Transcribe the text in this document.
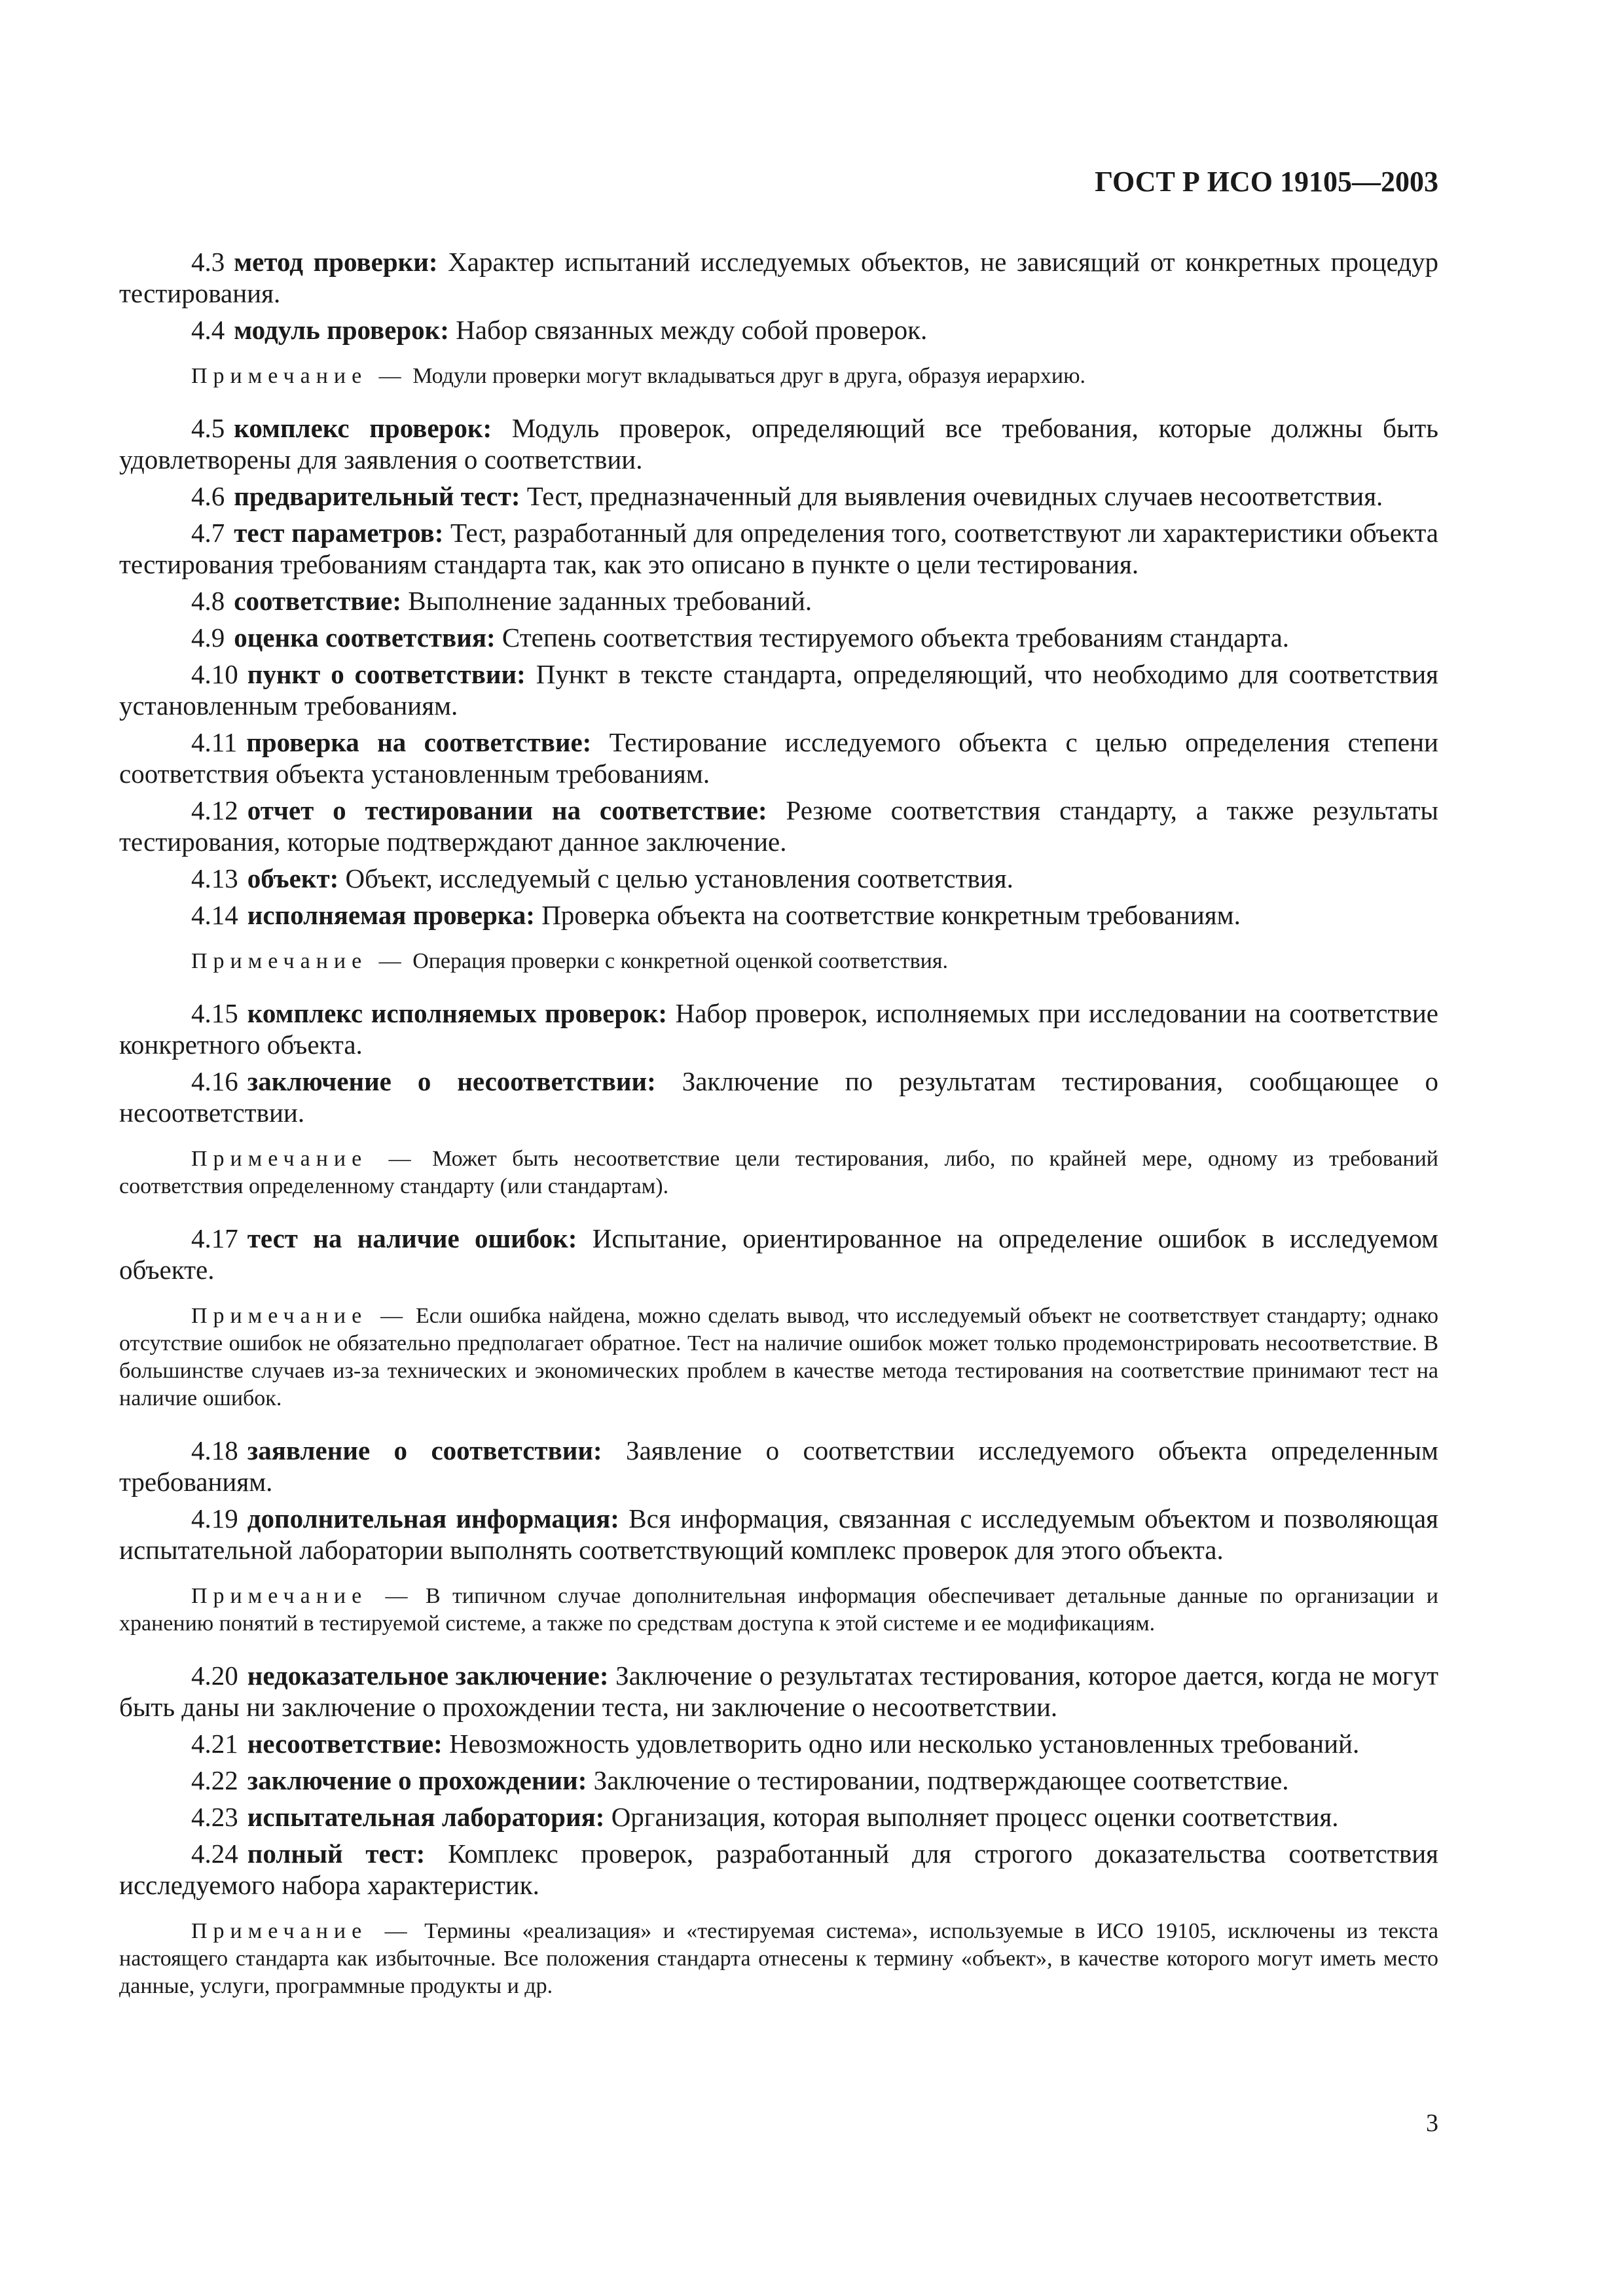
ГОСТ Р ИСО 19105—2003

4.3 метод проверки: Характер испытаний исследуемых объектов, не зависящий от конкретных процедур тестирования.

4.4 модуль проверок: Набор связанных между собой проверок.

Примечание — Модули проверки могут вкладываться друг в друга, образуя иерархию.

4.5 комплекс проверок: Модуль проверок, определяющий все требования, которые должны быть удовлетворены для заявления о соответствии.

4.6 предварительный тест: Тест, предназначенный для выявления очевидных случаев несоответствия.

4.7 тест параметров: Тест, разработанный для определения того, соответствуют ли характеристики объекта тестирования требованиям стандарта так, как это описано в пункте о цели тестирования.

4.8 соответствие: Выполнение заданных требований.

4.9 оценка соответствия: Степень соответствия тестируемого объекта требованиям стандарта.

4.10 пункт о соответствии: Пункт в тексте стандарта, определяющий, что необходимо для соответствия установленным требованиям.

4.11 проверка на соответствие: Тестирование исследуемого объекта с целью определения степени соответствия объекта установленным требованиям.

4.12 отчет о тестировании на соответствие: Резюме соответствия стандарту, а также результаты тестирования, которые подтверждают данное заключение.

4.13 объект: Объект, исследуемый с целью установления соответствия.

4.14 исполняемая проверка: Проверка объекта на соответствие конкретным требованиям.

Примечание — Операция проверки с конкретной оценкой соответствия.

4.15 комплекс исполняемых проверок: Набор проверок, исполняемых при исследовании на соответствие конкретного объекта.

4.16 заключение о несоответствии: Заключение по результатам тестирования, сообщающее о несоответствии.

Примечание — Может быть несоответствие цели тестирования, либо, по крайней мере, одному из требований соответствия определенному стандарту (или стандартам).

4.17 тест на наличие ошибок: Испытание, ориентированное на определение ошибок в исследуемом объекте.

Примечание — Если ошибка найдена, можно сделать вывод, что исследуемый объект не соответствует стандарту; однако отсутствие ошибок не обязательно предполагает обратное. Тест на наличие ошибок может только продемонстрировать несоответствие. В большинстве случаев из-за технических и экономических проблем в качестве метода тестирования на соответствие принимают тест на наличие ошибок.

4.18 заявление о соответствии: Заявление о соответствии исследуемого объекта определенным требованиям.

4.19 дополнительная информация: Вся информация, связанная с исследуемым объектом и позволяющая испытательной лаборатории выполнять соответствующий комплекс проверок для этого объекта.

Примечание — В типичном случае дополнительная информация обеспечивает детальные данные по организации и хранению понятий в тестируемой системе, а также по средствам доступа к этой системе и ее модификациям.

4.20 недоказательное заключение: Заключение о результатах тестирования, которое дается, когда не могут быть даны ни заключение о прохождении теста, ни заключение о несоответствии.

4.21 несоответствие: Невозможность удовлетворить одно или несколько установленных требований.

4.22 заключение о прохождении: Заключение о тестировании, подтверждающее соответствие.

4.23 испытательная лаборатория: Организация, которая выполняет процесс оценки соответствия.

4.24 полный тест: Комплекс проверок, разработанный для строгого доказательства соответствия исследуемого набора характеристик.

Примечание — Термины «реализация» и «тестируемая система», используемые в ИСО 19105, исключены из текста настоящего стандарта как избыточные. Все положения стандарта отнесены к термину «объект», в качестве которого могут иметь место данные, услуги, программные продукты и др.

3
